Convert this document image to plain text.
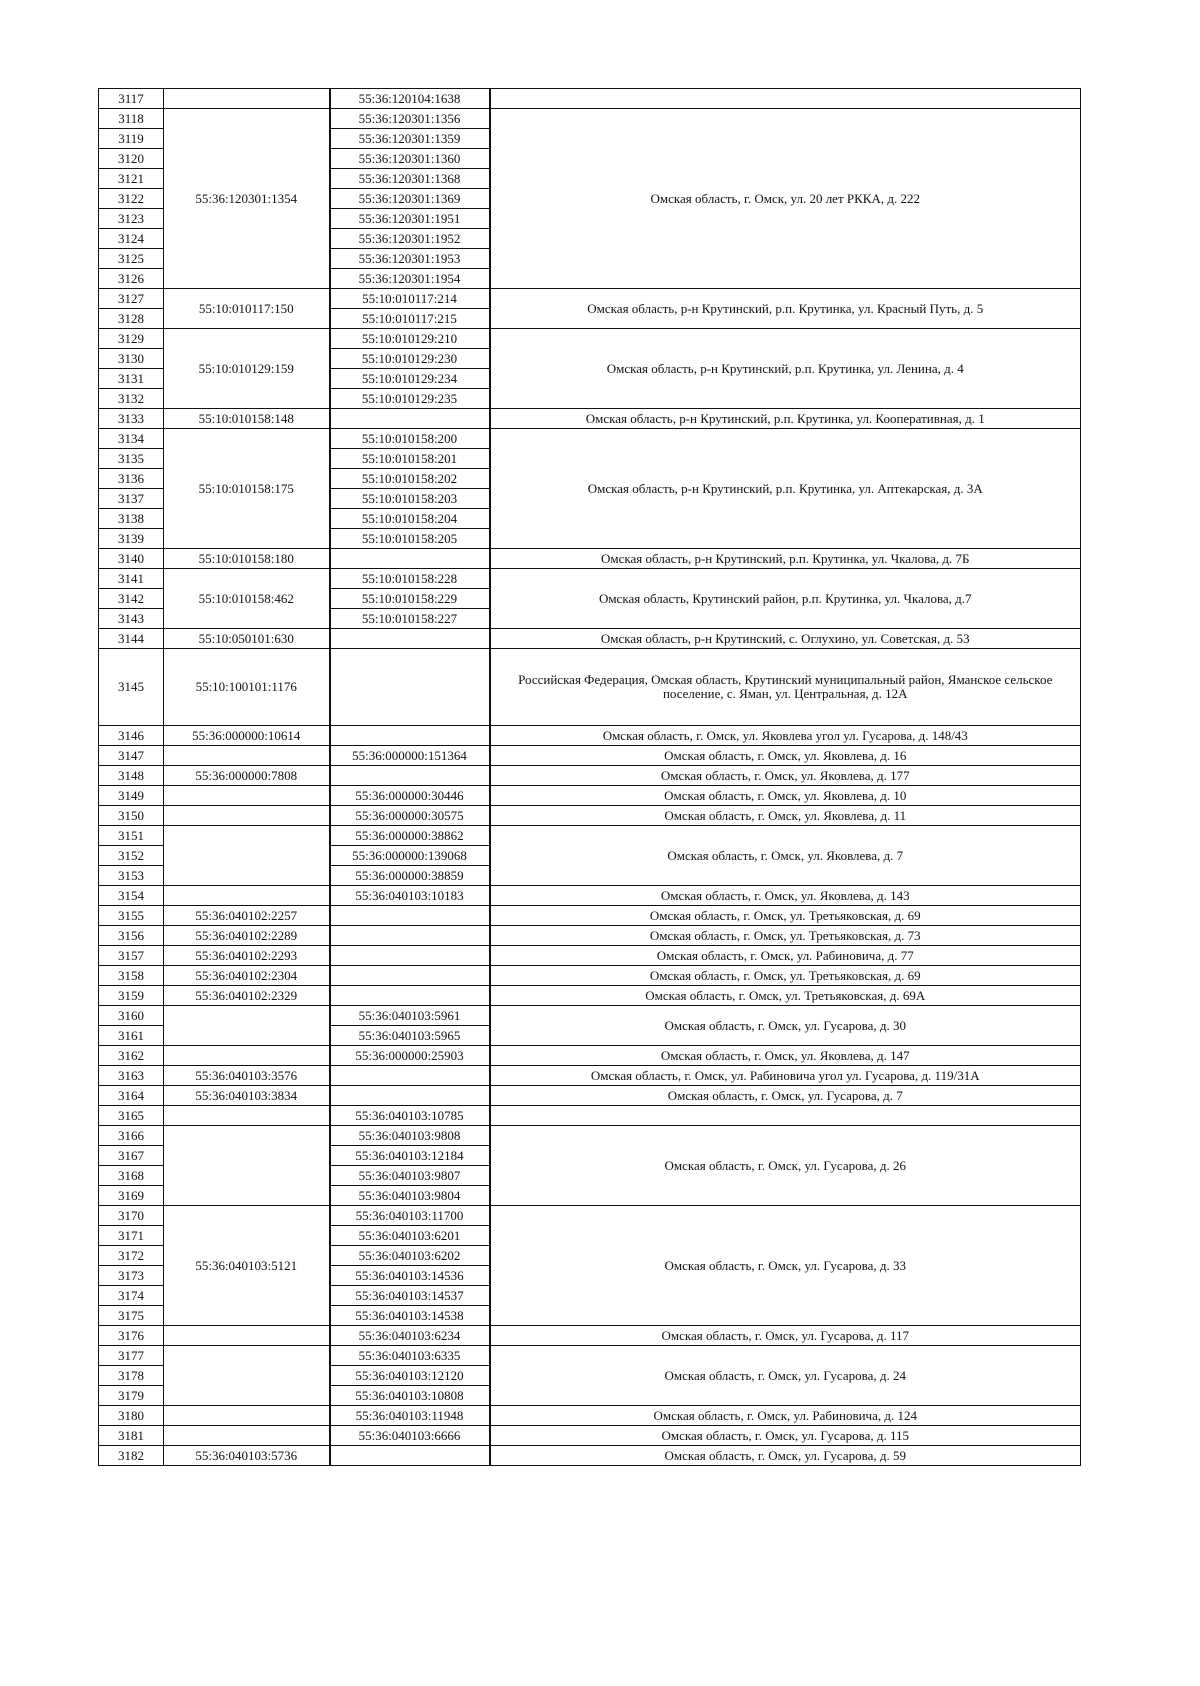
3117		55:36:120104:1638	
3118	55:36:120301:1354	55:36:120301:1356	Омская область, г. Омск, ул. 20 лет РККА, д. 222
3119		55:36:120301:1359	
3120		55:36:120301:1360	
3121		55:36:120301:1368	
3122		55:36:120301:1369	
3123		55:36:120301:1951	
3124		55:36:120301:1952	
3125		55:36:120301:1953	
3126		55:36:120301:1954	
3127	55:10:010117:150	55:10:010117:214	Омская область, р-н Крутинский, р.п. Крутинка, ул. Красный Путь, д. 5
3128		55:10:010117:215	
3129	55:10:010129:159	55:10:010129:210	Омская область, р-н Крутинский, р.п. Крутинка, ул. Ленина, д. 4
3130		55:10:010129:230	
3131		55:10:010129:234	
3132		55:10:010129:235	
3133	55:10:010158:148		Омская область, р-н Крутинский, р.п. Крутинка, ул. Кооперативная, д. 1
3134	55:10:010158:175	55:10:010158:200	Омская область, р-н Крутинский, р.п. Крутинка, ул. Аптекарская, д. 3А
3135		55:10:010158:201	
3136		55:10:010158:202	
3137		55:10:010158:203	
3138		55:10:010158:204	
3139		55:10:010158:205	
3140	55:10:010158:180		Омская область, р-н Крутинский, р.п. Крутинка, ул. Чкалова, д. 7Б
3141	55:10:010158:462	55:10:010158:228	Омская область, Крутинский район, р.п. Крутинка, ул. Чкалова, д.7
3142		55:10:010158:229	
3143		55:10:010158:227	
3144	55:10:050101:630		Омская область, р-н Крутинский, с. Оглухино, ул. Советская, д. 53
3145	55:10:100101:1176		Российская Федерация, Омская область, Крутинский муниципальный район, Яманское сельское поселение, с. Яман, ул. Центральная, д. 12А
3146	55:36:000000:10614		Омская область, г. Омск, ул. Яковлева угол ул. Гусарова, д. 148/43
3147		55:36:000000:151364	Омская область, г. Омск, ул. Яковлева, д. 16
3148	55:36:000000:7808		Омская область, г. Омск, ул. Яковлева, д. 177
3149		55:36:000000:30446	Омская область, г. Омск, ул. Яковлева, д. 10
3150		55:36:000000:30575	Омская область, г. Омск, ул. Яковлева, д. 11
3151		55:36:000000:38862	Омская область, г. Омск, ул. Яковлева, д. 7
3152		55:36:000000:139068	
3153		55:36:000000:38859	
3154		55:36:040103:10183	Омская область, г. Омск, ул. Яковлева, д. 143
3155	55:36:040102:2257		Омская область, г. Омск, ул. Третьяковская, д. 69
3156	55:36:040102:2289		Омская область, г. Омск, ул. Третьяковская, д. 73
3157	55:36:040102:2293		Омская область, г. Омск, ул. Рабиновича, д. 77
3158	55:36:040102:2304		Омская область, г. Омск, ул. Третьяковская, д. 69
3159	55:36:040102:2329		Омская область, г. Омск, ул. Третьяковская, д. 69А
3160		55:36:040103:5961	Омская область, г. Омск, ул. Гусарова, д. 30
3161		55:36:040103:5965	
3162		55:36:000000:25903	Омская область, г. Омск, ул. Яковлева, д. 147
3163	55:36:040103:3576		Омская область, г. Омск, ул. Рабиновича угол ул. Гусарова, д. 119/31А
3164	55:36:040103:3834		Омская область, г. Омск, ул. Гусарова, д. 7
3165		55:36:040103:10785	
3166		55:36:040103:9808	Омская область, г. Омск, ул. Гусарова, д. 26
3167		55:36:040103:12184	
3168		55:36:040103:9807	
3169		55:36:040103:9804	
3170	55:36:040103:5121	55:36:040103:11700	Омская область, г. Омск, ул. Гусарова, д. 33
3171		55:36:040103:6201	
3172		55:36:040103:6202	
3173		55:36:040103:14536	
3174		55:36:040103:14537	
3175		55:36:040103:14538	
3176		55:36:040103:6234	Омская область, г. Омск, ул. Гусарова, д. 117
3177		55:36:040103:6335	Омская область, г. Омск, ул. Гусарова, д. 24
3178		55:36:040103:12120	
3179		55:36:040103:10808	
3180		55:36:040103:11948	Омская область, г. Омск, ул. Рабиновича, д. 124
3181		55:36:040103:6666	Омская область, г. Омск, ул. Гусарова, д. 115
3182	55:36:040103:5736		Омская область, г. Омск, ул. Гусарова, д. 59
